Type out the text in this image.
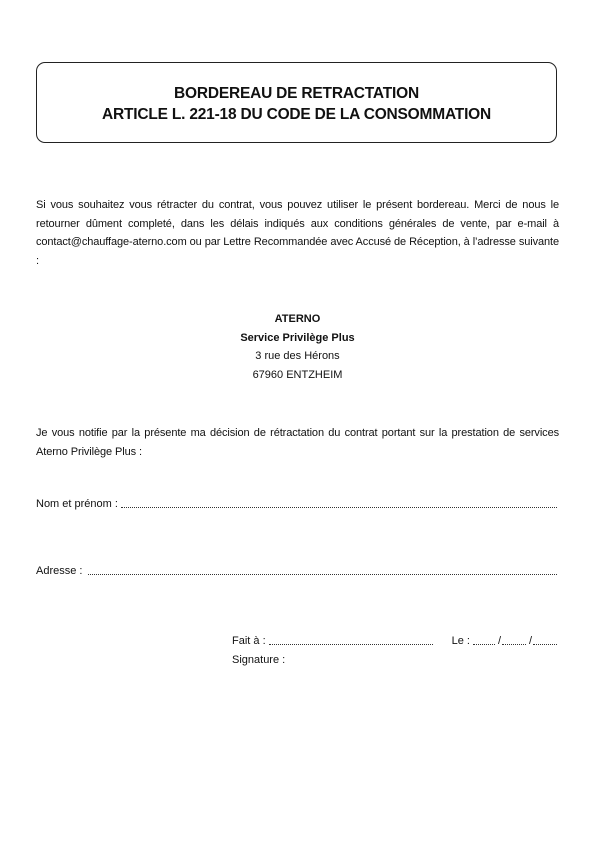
BORDEREAU DE RETRACTATION
ARTICLE L. 221-18 DU CODE DE LA CONSOMMATION
Si vous souhaitez vous rétracter du contrat, vous pouvez utiliser le présent bordereau. Merci de nous le retourner dûment completé, dans les délais indiqués aux conditions générales de vente, par e-mail à contact@chauffage-aterno.com ou par Lettre Recommandée avec Accusé de Réception, à l’adresse suivante :
ATERNO
Service Privilège Plus
3 rue des Hérons
67960 ENTZHEIM
Je vous notifie par la présente ma décision de rétractation du contrat portant sur la prestation de services Aterno Privilège Plus :
Nom et prénom :
Adresse :
Fait à :	Le :	/	/
Signature :
